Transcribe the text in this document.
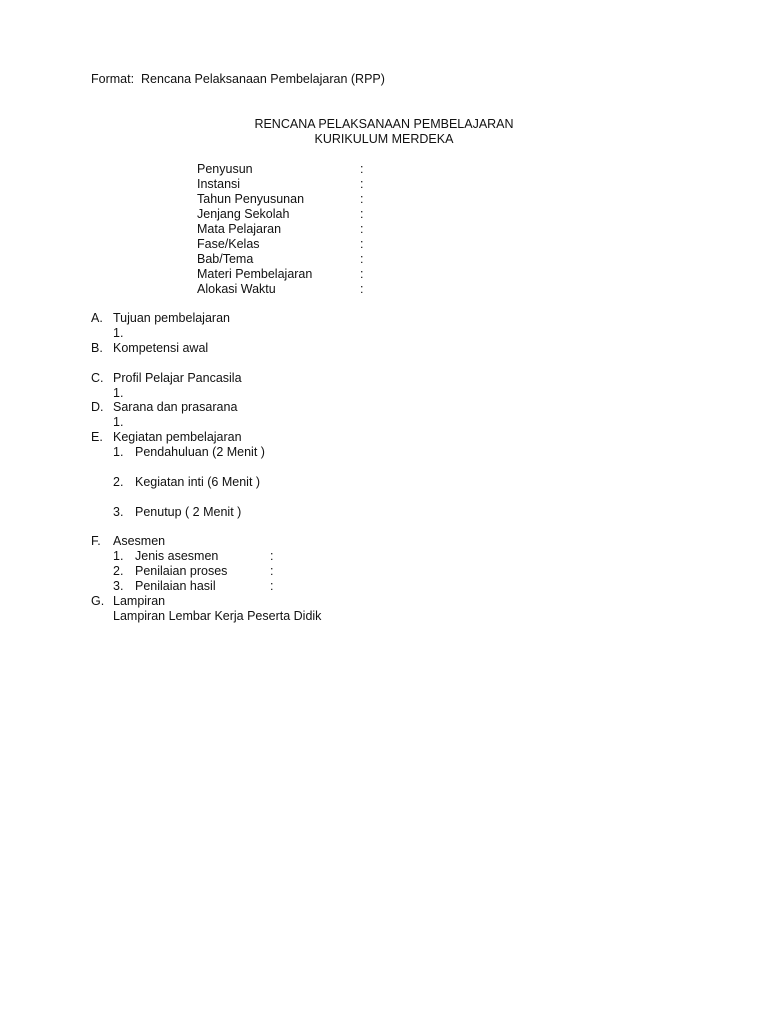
Format: Rencana Pelaksanaan Pembelajaran (RPP)
RENCANA PELAKSANAAN PEMBELAJARAN
KURIKULUM MERDEKA
Penyusun	:
Instansi	:
Tahun Penyusunan	:
Jenjang Sekolah	:
Mata Pelajaran	:
Fase/Kelas	:
Bab/Tema	:
Materi Pembelajaran	:
Alokasi Waktu	:
A. Tujuan pembelajaran
1.
B. Kompetensi awal
C. Profil Pelajar Pancasila
1.
D. Sarana dan prasarana
1.
E. Kegiatan pembelajaran
1. Pendahuluan (2 Menit )
2. Kegiatan inti (6 Menit )
3. Penutup ( 2 Menit )
F. Asesmen
1. Jenis asesmen	:
2. Penilaian proses	:
3. Penilaian hasil	:
G. Lampiran
Lampiran Lembar Kerja Peserta Didik
